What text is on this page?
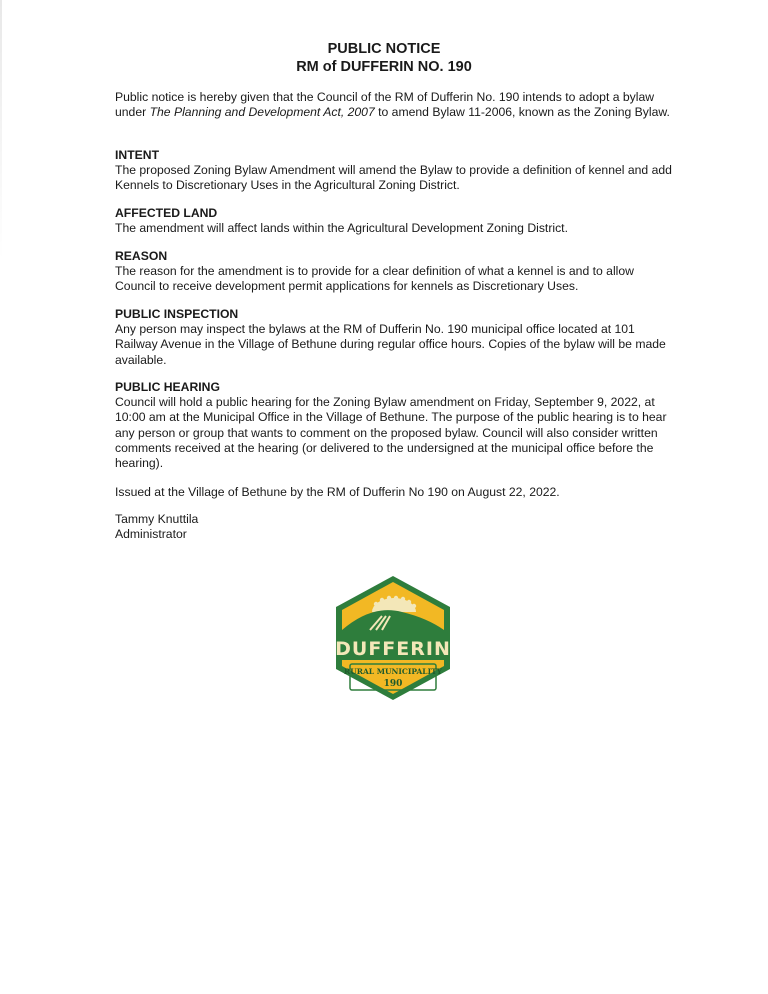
PUBLIC NOTICE
RM of DUFFERIN NO. 190
Public notice is hereby given that the Council of the RM of Dufferin No. 190 intends to adopt a bylaw under The Planning and Development Act, 2007 to amend Bylaw 11-2006, known as the Zoning Bylaw.
INTENT
The proposed Zoning Bylaw Amendment will amend the Bylaw to provide a definition of kennel and add Kennels to Discretionary Uses in the Agricultural Zoning District.
AFFECTED LAND
The amendment will affect lands within the Agricultural Development Zoning District.
REASON
The reason for the amendment is to provide for a clear definition of what a kennel is and to allow Council to receive development permit applications for kennels as Discretionary Uses.
PUBLIC INSPECTION
Any person may inspect the bylaws at the RM of Dufferin No. 190 municipal office located at 101 Railway Avenue in the Village of Bethune during regular office hours. Copies of the bylaw will be made available.
PUBLIC HEARING
Council will hold a public hearing for the Zoning Bylaw amendment on Friday, September 9, 2022, at 10:00 am at the Municipal Office in the Village of Bethune. The purpose of the public hearing is to hear any person or group that wants to comment on the proposed bylaw. Council will also consider written comments received at the hearing (or delivered to the undersigned at the municipal office before the hearing).
Issued at the Village of Bethune by the RM of Dufferin No 190 on August 22, 2022.
Tammy Knuttila
Administrator
DUFFERIN
RURAL MUNICIPALITY
190
